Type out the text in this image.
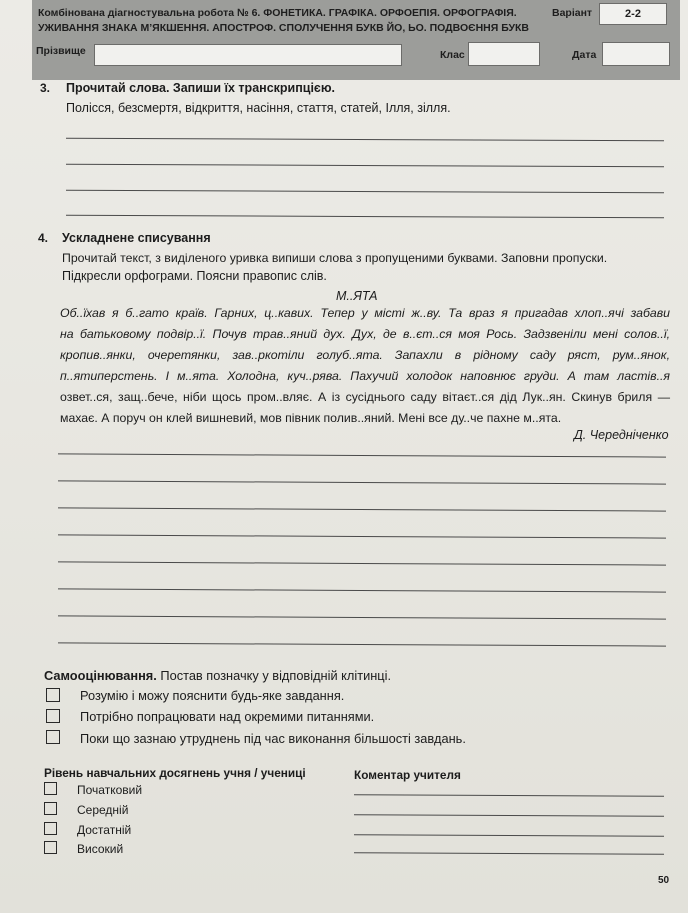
Комбінована діагностувальна робота № 6. ФОНЕТИКА. ГРАФІКА. ОРФОЕПІЯ. ОРФОГРАФІЯ.
УЖИВАННЯ ЗНАКА М’ЯКШЕННЯ. АПОСТРОФ. СПОЛУЧЕННЯ БУКВ ЙО, ЬО. ПОДВОЄННЯ БУКВ
Варіант	2-2
Прізвище	Клас	Дата
3. Прочитай слова. Запиши їх транскрипцією.
Полісся, безсмертя, відкриття, насіння, стаття, статей, Ілля, зілля.
4. Ускладнене списування
Прочитай текст, з виділеного уривка випиши слова з пропущеними буквами. Заповни пропуски.
Підкресли орфограми. Поясни правопис слів.
М..ЯТА
Об..їхав я б..гато країв. Гарних, ц..кавих. Тепер у місті ж..ву. Та враз я пригадав хлоп..ячі забави
на батьковому подвір..ї. Почув трав..яний дух. Дух, де в..єт..ся моя Рось. Задзвеніли мені солов..ї,
кропив..янки, очеретянки, зав..ркотіли голуб..ята. Запахли в рідному саду ряст, рум..янок,
п..ятиперстень. І м..ята. Холодна, куч..рява. Пахучий холодок наповнює груди. А там ластів..я
озвет..ся, защ..бече, ніби щось пром..вляє. А із сусіднього саду вітаєт..ся дід Лук..ян. Скинув бриля —
махає. А поруч он клей вишневий, мов півник полив..яний. Мені все ду..че пахне м..ята.
Д. Чередніченко
Самооцінювання. Постав позначку у відповідній клітинці.
Розумію і можу пояснити будь-яке завдання.
Потрібно попрацювати над окремими питаннями.
Поки що зазнаю утруднень під час виконання більшості завдань.
Рівень навчальних досягнень учня / учениці
Початковий
Середній
Достатній
Високий
Коментар учителя
50
